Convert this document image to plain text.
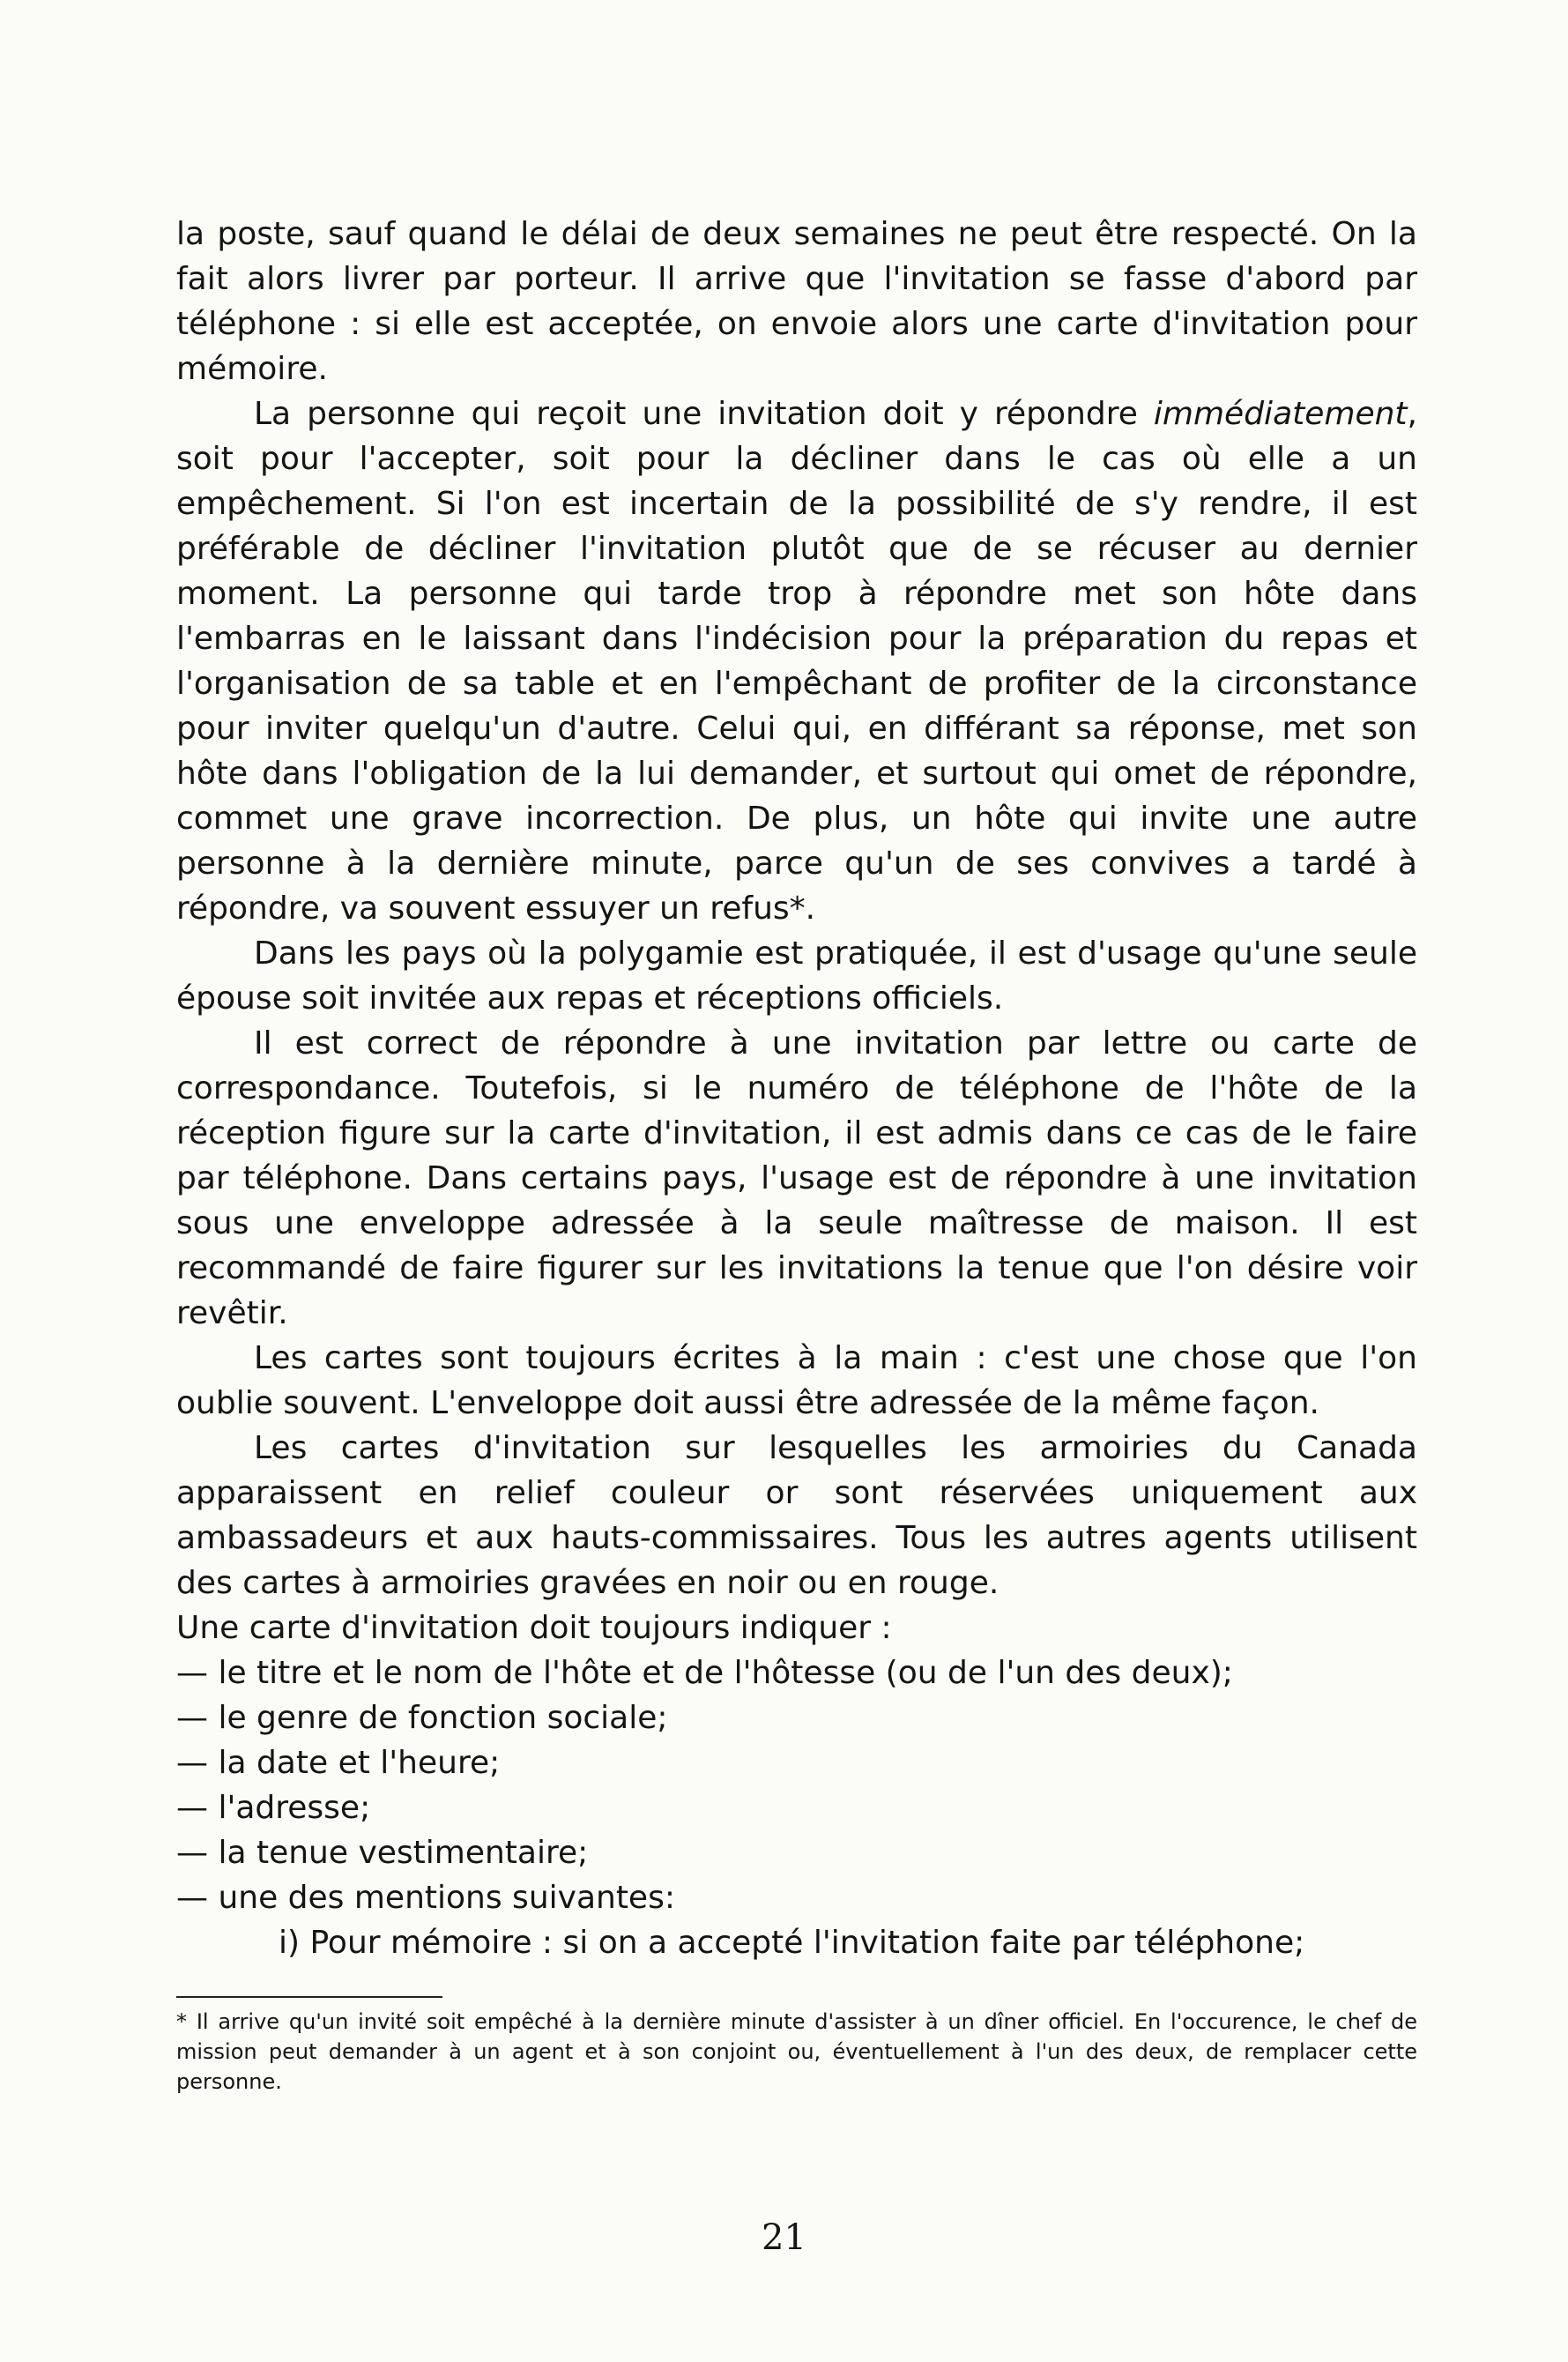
la poste, sauf quand le délai de deux semaines ne peut être respecté. On la fait alors livrer par porteur. Il arrive que l'invitation se fasse d'abord par téléphone : si elle est acceptée, on envoie alors une carte d'invitation pour mémoire.

La personne qui reçoit une invitation doit y répondre immédiatement, soit pour l'accepter, soit pour la décliner dans le cas où elle a un empêchement. Si l'on est incertain de la possibilité de s'y rendre, il est préférable de décliner l'invitation plutôt que de se récuser au dernier moment. La personne qui tarde trop à répondre met son hôte dans l'embarras en le laissant dans l'indécision pour la préparation du repas et l'organisation de sa table et en l'empêchant de profiter de la circonstance pour inviter quelqu'un d'autre. Celui qui, en différant sa réponse, met son hôte dans l'obligation de la lui demander, et surtout qui omet de répondre, commet une grave incorrection. De plus, un hôte qui invite une autre personne à la dernière minute, parce qu'un de ses convives a tardé à répondre, va souvent essuyer un refus*.

Dans les pays où la polygamie est pratiquée, il est d'usage qu'une seule épouse soit invitée aux repas et réceptions officiels.

Il est correct de répondre à une invitation par lettre ou carte de correspondance. Toutefois, si le numéro de téléphone de l'hôte de la réception figure sur la carte d'invitation, il est admis dans ce cas de le faire par téléphone. Dans certains pays, l'usage est de répondre à une invitation sous une enveloppe adressée à la seule maîtresse de maison. Il est recommandé de faire figurer sur les invitations la tenue que l'on désire voir revêtir.

Les cartes sont toujours écrites à la main : c'est une chose que l'on oublie souvent. L'enveloppe doit aussi être adressée de la même façon.

Les cartes d'invitation sur lesquelles les armoiries du Canada apparaissent en relief couleur or sont réservées uniquement aux ambassadeurs et aux hauts-commissaires. Tous les autres agents utilisent des cartes à armoiries gravées en noir ou en rouge.

Une carte d'invitation doit toujours indiquer :

— le titre et le nom de l'hôte et de l'hôtesse (ou de l'un des deux);
— le genre de fonction sociale;
— la date et l'heure;
— l'adresse;
— la tenue vestimentaire;
— une des mentions suivantes:

i) Pour mémoire : si on a accepté l'invitation faite par téléphone;

* Il arrive qu'un invité soit empêché à la dernière minute d'assister à un dîner officiel. En l'occurence, le chef de mission peut demander à un agent et à son conjoint ou, éventuellement à l'un des deux, de remplacer cette personne.

21
